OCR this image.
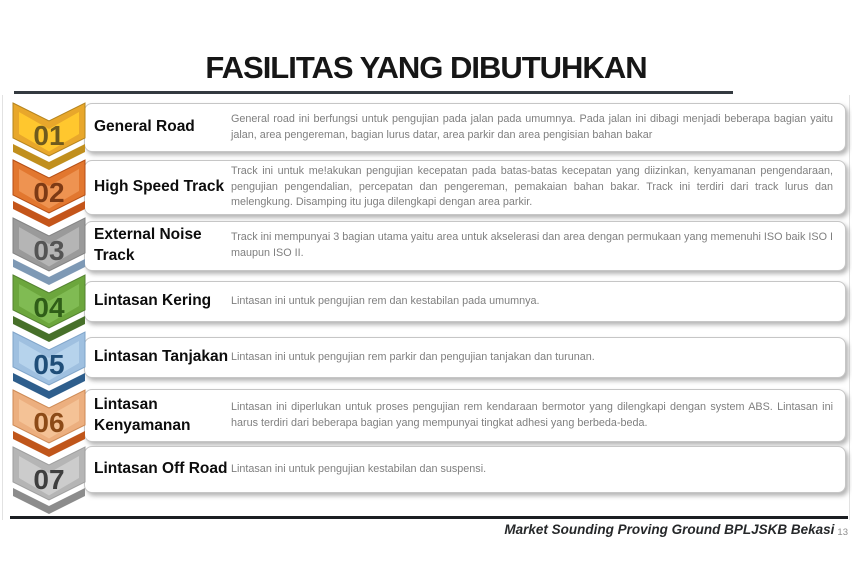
FASILITAS YANG DIBUTUHKAN
01
02
03
04
05
06
07
General Road	General road ini berfungsi untuk pengujian pada jalan pada umumnya. Pada jalan ini dibagi menjadi beberapa bagian yaitu jalan, area pengereman, bagian lurus datar, area parkir dan area pengisian bahan bakar
High Speed Track
Track ini untuk me!akukan pengujian kecepatan pada batas-batas kecepatan yang diizinkan, kenyamanan pengendaraan, pengujian pengendalian, percepatan dan pengereman, pemakaian bahan bakar. Track ini terdiri dari track lurus dan melengkung. Disamping itu juga dilengkapi dengan area parkir.
External Noise Track
Track ini mempunyai 3 bagian utama yaitu area untuk akselerasi dan area dengan permukaan yang memenuhi ISO baik ISO I maupun ISO II.
Lintasan Kering	Lintasan ini untuk pengujian rem dan kestabilan pada umumnya.
Lintasan Tanjakan Lintasan ini untuk pengujian rem parkir dan pengujian tanjakan dan turunan.
Lintasan Kenyamanan
Lintasan ini diperlukan untuk proses pengujian rem kendaraan bermotor yang dilengkapi dengan system ABS. Lintasan ini harus terdiri dari beberapa bagian yang mempunyai tingkat adhesi yang berbeda-beda.
Lintasan Off Road Lintasan ini untuk pengujian kestabilan dan suspensi.
Market Sounding Proving Ground BPLJSKB Bekasi 13
